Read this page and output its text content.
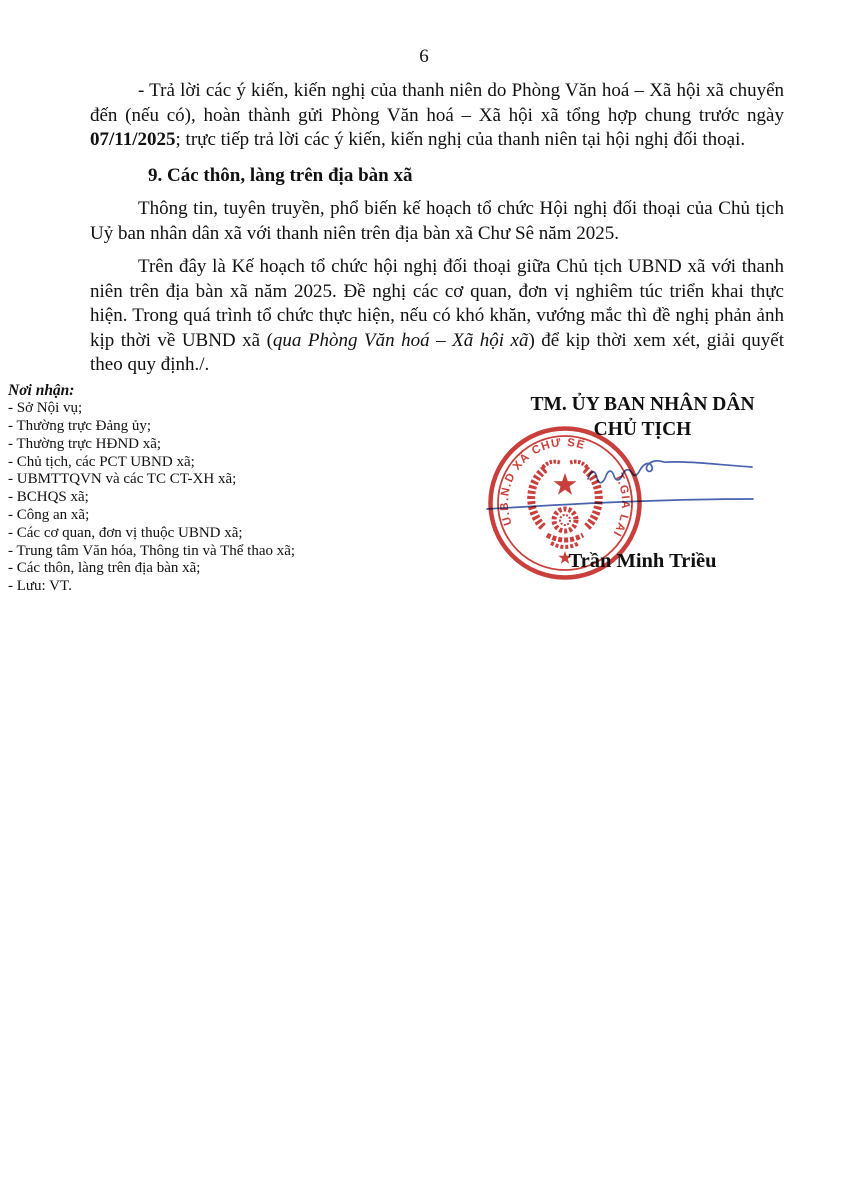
6

- Trả lời các ý kiến, kiến nghị của thanh niên do Phòng Văn hoá – Xã hội xã chuyển đến (nếu có), hoàn thành gửi Phòng Văn hoá – Xã hội xã tổng hợp chung trước ngày 07/11/2025; trực tiếp trả lời các ý kiến, kiến nghị của thanh niên tại hội nghị đối thoại.

9. Các thôn, làng trên địa bàn xã

Thông tin, tuyên truyền, phổ biến kế hoạch tổ chức Hội nghị đối thoại của Chủ tịch Uỷ ban nhân dân xã với thanh niên trên địa bàn xã Chư Sê năm 2025.

Trên đây là Kế hoạch tổ chức hội nghị đối thoại giữa Chủ tịch UBND xã với thanh niên trên địa bàn xã năm 2025. Đề nghị các cơ quan, đơn vị nghiêm túc triển khai thực hiện. Trong quá trình tổ chức thực hiện, nếu có khó khăn, vướng mắc thì đề nghị phản ảnh kịp thời về UBND xã (qua Phòng Văn hoá – Xã hội xã) để kịp thời xem xét, giải quyết theo quy định./.

Nơi nhận:
- Sở Nội vụ;
- Thường trực Đảng ủy;
- Thường trực HĐND xã;
- Chủ tịch, các PCT UBND xã;
- UBMTTQVN và các TC CT-XH xã;
- BCHQS xã;
- Công an xã;
- Các cơ quan, đơn vị thuộc UBND xã;
- Trung tâm Văn hóa, Thông tin và Thể thao xã;
- Các thôn, làng trên địa bàn xã;
- Lưu: VT.
TM. ỦY BAN NHÂN DÂN
CHỦ TỊCH
U.B.N.D XÃ CHƯ SÊ
T.GIA LAI
Trần Minh Triều
